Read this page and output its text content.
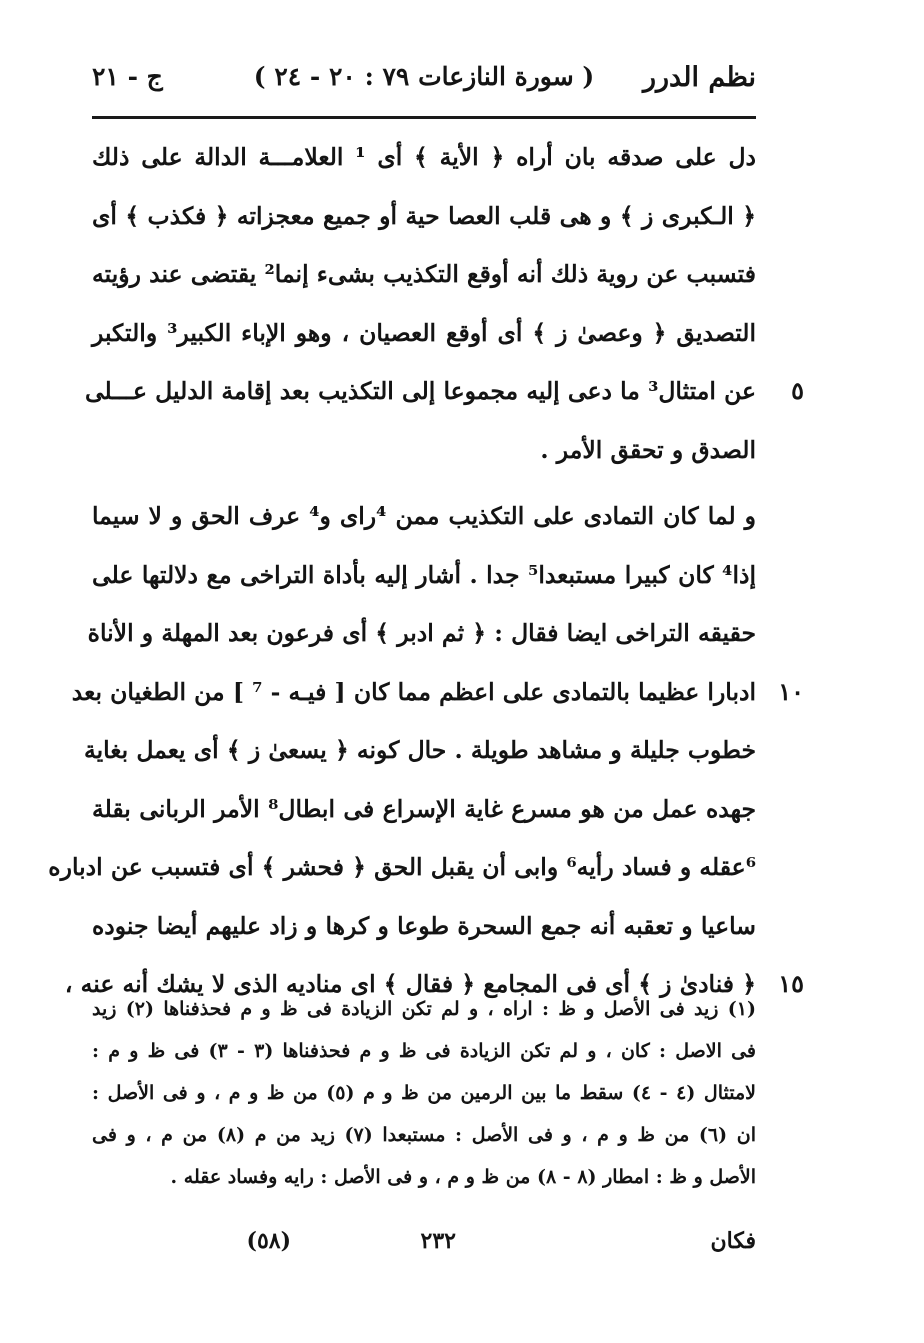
نظم الدرر
( سورة النازعات ٧٩ : ٢٠ - ٢٤ )
ج - ٢١
دل على صدقه بان أراه ﴿ الأية ﴾ أى ¹ العلامـــة الدالة على ذلك
﴿ الـكبرى ز ﴾ و هى قلب العصا حية أو جميع معجزاته ﴿ فكذب ﴾ أى
فتسبب عن روية ذلك أنه أوقع التكذيب بشىء إنما² يقتضى عند رؤيته
التصديق ﴿ وعصىٰ ز ﴾ أى أوقع العصيان ، وهو الإباء الكبير³ والتكبر
عن امتثال³ ما دعى إليه مجموعا إلى التكذيب بعد إقامة الدليل عـــلى	٥
الصدق و تحقق الأمر .
و لما كان التمادى على التكذيب ممن ⁴راى و⁴ عرف الحق و لا سيما
إذا⁴ كان كبيرا مستبعدا⁵ جدا . أشار إليه بأداة التراخى مع دلالتها على
حقيقه التراخى ايضا فقال : ﴿ ثم ادبر ﴾ أى فرعون بعد المهلة و الأناة
ادبارا عظيما بالتمادى على اعظم مما كان [ فيـه - ⁷ ] من الطغيان بعد ١٠
خطوب جليلة و مشاهد طويلة . حال كونه ﴿ يسعىٰ ز ﴾ أى يعمل بغاية
جهده عمل من هو مسرع غاية الإسراع فى ابطال⁸ الأمر الربانى بقلة
⁶عقله و فساد رأيه⁶ وابى أن يقبل الحق ﴿ فحشر ﴾ أى فتسبب عن ادباره
ساعيا و تعقبه أنه جمع السحرة طوعا و كرها و زاد عليهم أيضا جنوده
﴿ فنادىٰ ز ﴾ أى فى المجامع ﴿ فقال ﴾ اى مناديه الذى لا يشك أنه عنه ، ١٥
(١) زيد فى الأصل و ظ : اراه ، و لم تكن الزيادة فى ظ و م فحذفناها (٢) زيد
فى الاصل : كان ، و لم تكن الزيادة فى ظ و م فحذفناها (٣ - ٣) فى ظ و م :
لامتثال (٤ - ٤) سقط ما بين الرمين من ظ و م (٥) من ظ و م ، و فى الأصل :
ان (٦) من ظ و م ، و فى الأصل : مستبعدا (٧) زيد من م (٨) من م ، و فى
الأصل و ظ : امطار (٨ - ٨) من ظ و م ، و فى الأصل : رايه وفساد عقله .
فكان
٢٣٢
(٥٨)
